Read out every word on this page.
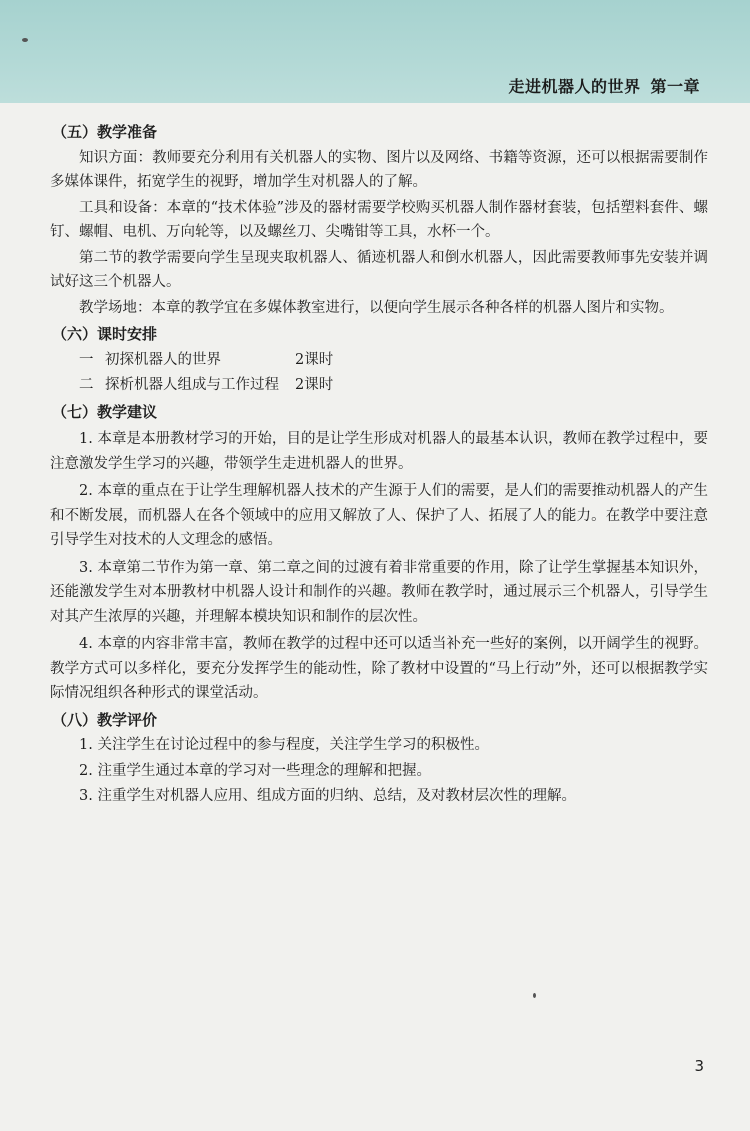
走进机器人的世界 第一章
（五）教学准备

知识方面：教师要充分利用有关机器人的实物、图片以及网络、书籍等资源，还可以根据需要制作多媒体课件，拓宽学生的视野，增加学生对机器人的了解。

工具和设备：本章的“技术体验”涉及的器材需要学校购买机器人制作器材套装，包括塑料套件、螺钉、螺帽、电机、万向轮等，以及螺丝刀、尖嘴钳等工具，水杯一个。

第二节的教学需要向学生呈现夹取机器人、循迹机器人和倒水机器人，因此需要教师事先安装并调试好这三个机器人。

教学场地：本章的教学宜在多媒体教室进行，以便向学生展示各种各样的机器人图片和实物。

（六）课时安排
一 初探机器人的世界	2课时
二 探析机器人组成与工作过程	2课时
（七）教学建议

1. 本章是本册教材学习的开始，目的是让学生形成对机器人的最基本认识，教师在教学过程中，要注意激发学生学习的兴趣，带领学生走进机器人的世界。

2. 本章的重点在于让学生理解机器人技术的产生源于人们的需要，是人们的需要推动机器人的产生和不断发展，而机器人在各个领域中的应用又解放了人、保护了人、拓展了人的能力。在教学中要注意引导学生对技术的人文理念的感悟。

3. 本章第二节作为第一章、第二章之间的过渡有着非常重要的作用，除了让学生掌握基本知识外，还能激发学生对本册教材中机器人设计和制作的兴趣。教师在教学时，通过展示三个机器人，引导学生对其产生浓厚的兴趣，并理解本模块知识和制作的层次性。

4. 本章的内容非常丰富，教师在教学的过程中还可以适当补充一些好的案例，以开阔学生的视野。教学方式可以多样化，要充分发挥学生的能动性，除了教材中设置的“马上行动”外，还可以根据教学实际情况组织各种形式的课堂活动。

（八）教学评价

1. 关注学生在讨论过程中的参与程度，关注学生学习的积极性。

2. 注重学生通过本章的学习对一些理念的理解和把握。

3. 注重学生对机器人应用、组成方面的归纳、总结，及对教材层次性的理解。

3
